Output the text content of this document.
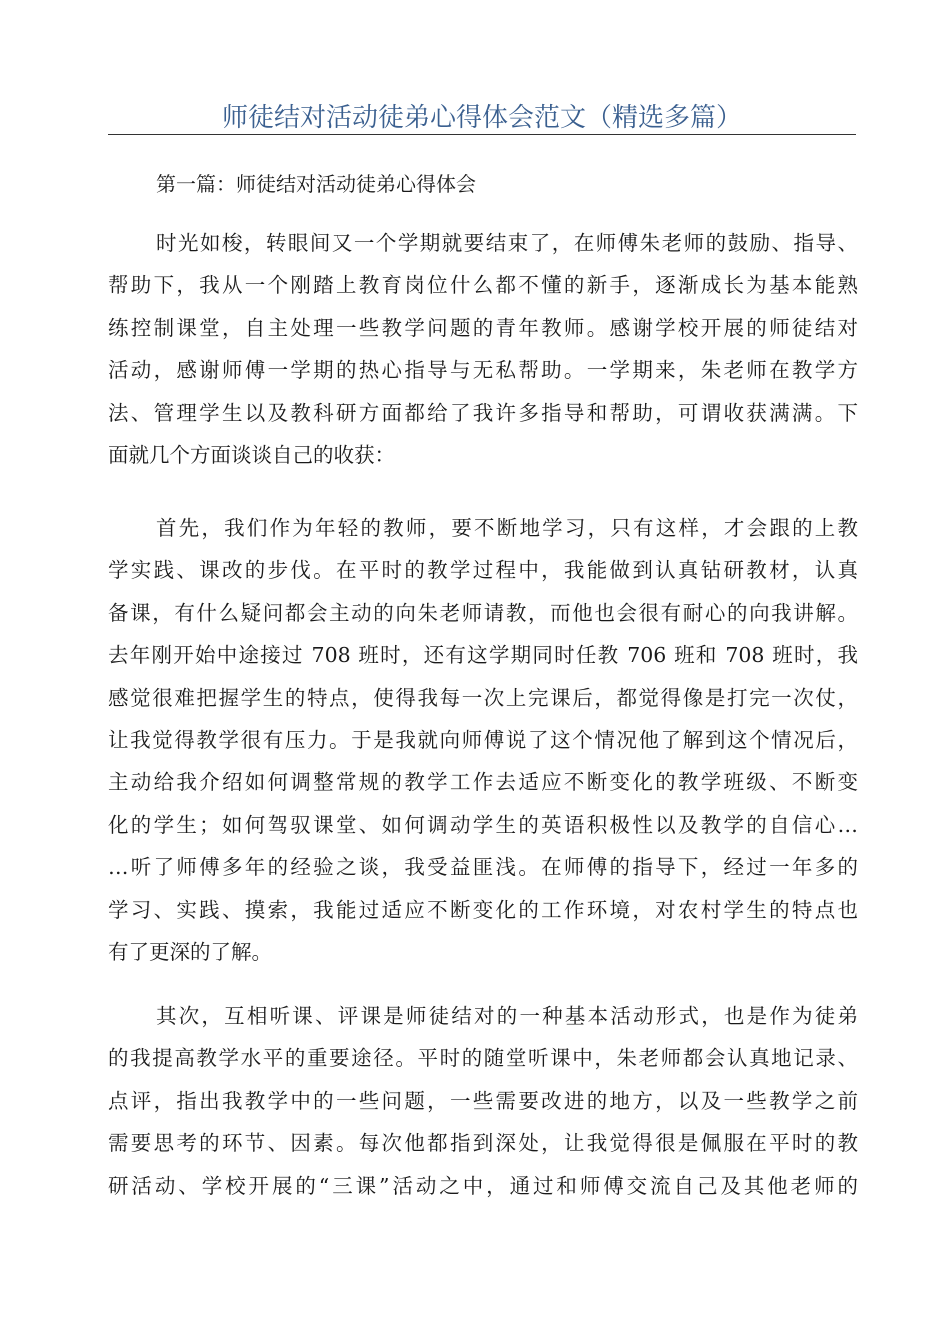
师徒结对活动徒弟心得体会范文（精选多篇）
第一篇：师徒结对活动徒弟心得体会
时光如梭，转眼间又一个学期就要结束了，在师傅朱老师的鼓励、指导、
帮助下，我从一个刚踏上教育岗位什么都不懂的新手，逐渐成长为基本能熟
练控制课堂，自主处理一些教学问题的青年教师。感谢学校开展的师徒结对
活动，感谢师傅一学期的热心指导与无私帮助。一学期来，朱老师在教学方
法、管理学生以及教科研方面都给了我许多指导和帮助，可谓收获满满。下
面就几个方面谈谈自己的收获：
首先，我们作为年轻的教师，要不断地学习，只有这样，才会跟的上教
学实践、课改的步伐。在平时的教学过程中，我能做到认真钻研教材，认真
备课，有什么疑问都会主动的向朱老师请教，而他也会很有耐心的向我讲解。
去年刚开始中途接过 708 班时，还有这学期同时任教 706 班和 708 班时，我
感觉很难把握学生的特点，使得我每一次上完课后，都觉得像是打完一次仗，
让我觉得教学很有压力。于是我就向师傅说了这个情况他了解到这个情况后，
主动给我介绍如何调整常规的教学工作去适应不断变化的教学班级、不断变
化的学生；如何驾驭课堂、如何调动学生的英语积极性以及教学的自信心…
…听了师傅多年的经验之谈，我受益匪浅。在师傅的指导下，经过一年多的
学习、实践、摸索，我能过适应不断变化的工作环境，对农村学生的特点也
有了更深的了解。
其次，互相听课、评课是师徒结对的一种基本活动形式，也是作为徒弟
的我提高教学水平的重要途径。平时的随堂听课中，朱老师都会认真地记录、
点评，指出我教学中的一些问题，一些需要改进的地方，以及一些教学之前
需要思考的环节、因素。每次他都指到深处，让我觉得很是佩服在平时的教
研活动、学校开展的“三课”活动之中，通过和师傅交流自己及其他老师的
